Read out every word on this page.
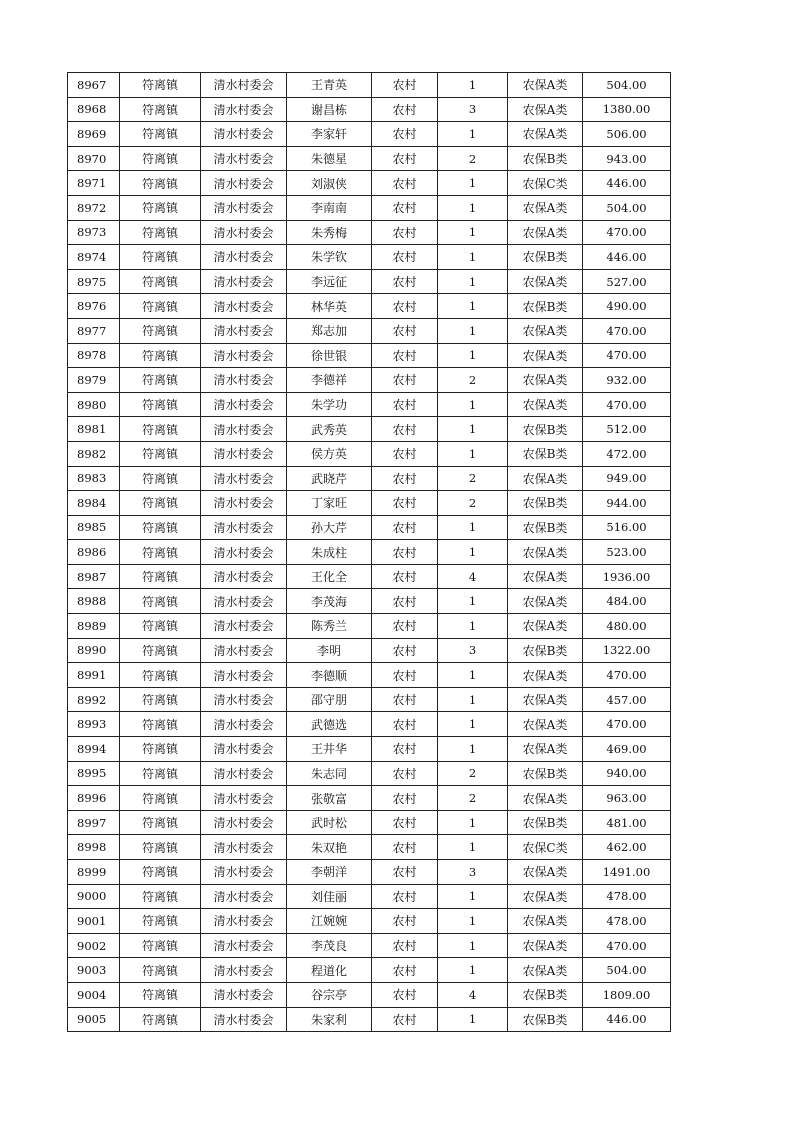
8967	符离镇	清水村委会	王青英	农村	1	农保A类	504.00
8968	符离镇	清水村委会	谢昌栋	农村	3	农保A类	1380.00
8969	符离镇	清水村委会	李家轩	农村	1	农保A类	506.00
8970	符离镇	清水村委会	朱德星	农村	2	农保B类	943.00
8971	符离镇	清水村委会	刘淑侠	农村	1	农保C类	446.00
8972	符离镇	清水村委会	李南南	农村	1	农保A类	504.00
8973	符离镇	清水村委会	朱秀梅	农村	1	农保A类	470.00
8974	符离镇	清水村委会	朱学钦	农村	1	农保B类	446.00
8975	符离镇	清水村委会	李远征	农村	1	农保A类	527.00
8976	符离镇	清水村委会	林华英	农村	1	农保B类	490.00
8977	符离镇	清水村委会	郑志加	农村	1	农保A类	470.00
8978	符离镇	清水村委会	徐世银	农村	1	农保A类	470.00
8979	符离镇	清水村委会	李德祥	农村	2	农保A类	932.00
8980	符离镇	清水村委会	朱学功	农村	1	农保A类	470.00
8981	符离镇	清水村委会	武秀英	农村	1	农保B类	512.00
8982	符离镇	清水村委会	侯方英	农村	1	农保B类	472.00
8983	符离镇	清水村委会	武晓芹	农村	2	农保A类	949.00
8984	符离镇	清水村委会	丁家旺	农村	2	农保B类	944.00
8985	符离镇	清水村委会	孙大芹	农村	1	农保B类	516.00
8986	符离镇	清水村委会	朱成柱	农村	1	农保A类	523.00
8987	符离镇	清水村委会	王化全	农村	4	农保A类	1936.00
8988	符离镇	清水村委会	李茂海	农村	1	农保A类	484.00
8989	符离镇	清水村委会	陈秀兰	农村	1	农保A类	480.00
8990	符离镇	清水村委会	李明	农村	3	农保B类	1322.00
8991	符离镇	清水村委会	李德顺	农村	1	农保A类	470.00
8992	符离镇	清水村委会	邵守朋	农村	1	农保A类	457.00
8993	符离镇	清水村委会	武德选	农村	1	农保A类	470.00
8994	符离镇	清水村委会	王井华	农村	1	农保A类	469.00
8995	符离镇	清水村委会	朱志同	农村	2	农保B类	940.00
8996	符离镇	清水村委会	张敬富	农村	2	农保A类	963.00
8997	符离镇	清水村委会	武时松	农村	1	农保B类	481.00
8998	符离镇	清水村委会	朱双艳	农村	1	农保C类	462.00
8999	符离镇	清水村委会	李朝洋	农村	3	农保A类	1491.00
9000	符离镇	清水村委会	刘佳丽	农村	1	农保A类	478.00
9001	符离镇	清水村委会	江婉婉	农村	1	农保A类	478.00
9002	符离镇	清水村委会	李茂良	农村	1	农保A类	470.00
9003	符离镇	清水村委会	程道化	农村	1	农保A类	504.00
9004	符离镇	清水村委会	谷宗亭	农村	4	农保B类	1809.00
9005	符离镇	清水村委会	朱家利	农村	1	农保B类	446.00
